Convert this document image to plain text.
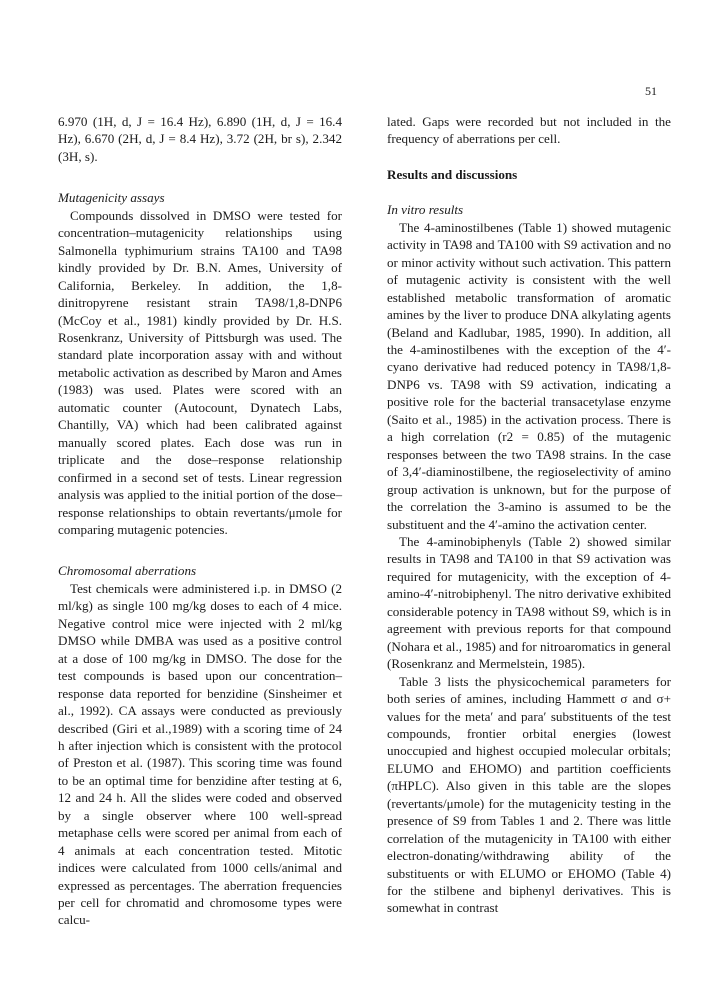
51

6.970 (1H, d, J = 16.4 Hz), 6.890 (1H, d, J = 16.4 Hz), 6.670 (2H, d, J = 8.4 Hz), 3.72 (2H, br s), 2.342 (3H, s).

Mutagenicity assays

Compounds dissolved in DMSO were tested for concentration–mutagenicity relationships using Salmonella typhimurium strains TA100 and TA98 kindly provided by Dr. B.N. Ames, University of California, Berkeley. In addition, the 1,8-dinitropyrene resistant strain TA98/1,8-DNP6 (McCoy et al., 1981) kindly provided by Dr. H.S. Rosenkranz, University of Pittsburgh was used. The standard plate incorporation assay with and without metabolic activation as described by Maron and Ames (1983) was used. Plates were scored with an automatic counter (Autocount, Dynatech Labs, Chantilly, VA) which had been calibrated against manually scored plates. Each dose was run in triplicate and the dose–response relationship confirmed in a second set of tests. Linear regression analysis was applied to the initial portion of the dose–response relationships to obtain revertants/μmole for comparing mutagenic potencies.

Chromosomal aberrations

Test chemicals were administered i.p. in DMSO (2 ml/kg) as single 100 mg/kg doses to each of 4 mice. Negative control mice were injected with 2 ml/kg DMSO while DMBA was used as a positive control at a dose of 100 mg/kg in DMSO. The dose for the test compounds is based upon our concentration–response data reported for benzidine (Sinsheimer et al., 1992). CA assays were conducted as previously described (Giri et al.,1989) with a scoring time of 24 h after injection which is consistent with the protocol of Preston et al. (1987). This scoring time was found to be an optimal time for benzidine after testing at 6, 12 and 24 h. All the slides were coded and observed by a single observer where 100 well-spread metaphase cells were scored per animal from each of 4 animals at each concentration tested. Mitotic indices were calculated from 1000 cells/animal and expressed as percentages. The aberration frequencies per cell for chromatid and chromosome types were calcu-

lated. Gaps were recorded but not included in the frequency of aberrations per cell.

Results and discussions

In vitro results

The 4-aminostilbenes (Table 1) showed mutagenic activity in TA98 and TA100 with S9 activation and no or minor activity without such activation. This pattern of mutagenic activity is consistent with the well established metabolic transformation of aromatic amines by the liver to produce DNA alkylating agents (Beland and Kadlubar, 1985, 1990). In addition, all the 4-aminostilbenes with the exception of the 4′-cyano derivative had reduced potency in TA98/1,8-DNP6 vs. TA98 with S9 activation, indicating a positive role for the bacterial transacetylase enzyme (Saito et al., 1985) in the activation process. There is a high correlation (r2 = 0.85) of the mutagenic responses between the two TA98 strains. In the case of 3,4′-diaminostilbene, the regioselectivity of amino group activation is unknown, but for the purpose of the correlation the 3-amino is assumed to be the substituent and the 4′-amino the activation center.

The 4-aminobiphenyls (Table 2) showed similar results in TA98 and TA100 in that S9 activation was required for mutagenicity, with the exception of 4-amino-4′-nitrobiphenyl. The nitro derivative exhibited considerable potency in TA98 without S9, which is in agreement with previous reports for that compound (Nohara et al., 1985) and for nitroaromatics in general (Rosenkranz and Mermelstein, 1985).

Table 3 lists the physicochemical parameters for both series of amines, including Hammett σ and σ+ values for the meta′ and para′ substituents of the test compounds, frontier orbital energies (lowest unoccupied and highest occupied molecular orbitals; ELUMO and EHOMO) and partition coefficients (πHPLC). Also given in this table are the slopes (revertants/μmole) for the mutagenicity testing in the presence of S9 from Tables 1 and 2. There was little correlation of the mutagenicity in TA100 with either electron-donating/withdrawing ability of the substituents or with ELUMO or EHOMO (Table 4) for the stilbene and biphenyl derivatives. This is somewhat in contrast
